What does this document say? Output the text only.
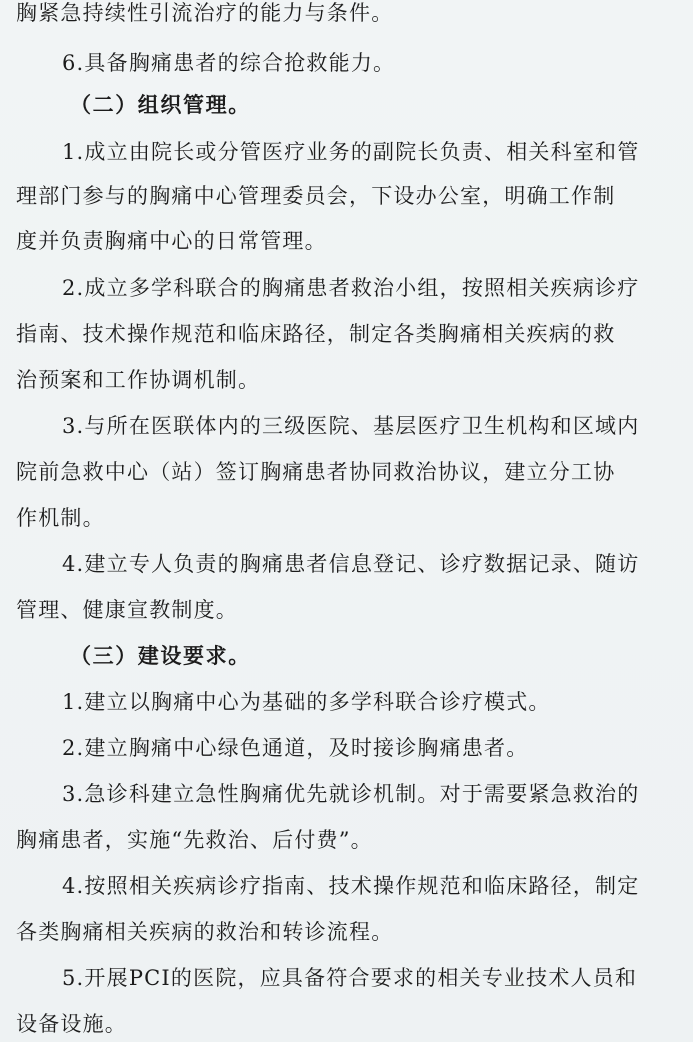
胸紧急持续性引流治疗的能力与条件。
6.具备胸痛患者的综合抢救能力。
（二）组织管理。
1.成立由院长或分管医疗业务的副院长负责、相关科室和管
理部门参与的胸痛中心管理委员会，下设办公室，明确工作制
度并负责胸痛中心的日常管理。
2.成立多学科联合的胸痛患者救治小组，按照相关疾病诊疗
指南、技术操作规范和临床路径，制定各类胸痛相关疾病的救
治预案和工作协调机制。
3.与所在医联体内的三级医院、基层医疗卫生机构和区域内
院前急救中心（站）签订胸痛患者协同救治协议，建立分工协
作机制。
4.建立专人负责的胸痛患者信息登记、诊疗数据记录、随访
管理、健康宣教制度。
（三）建设要求。
1.建立以胸痛中心为基础的多学科联合诊疗模式。
2.建立胸痛中心绿色通道，及时接诊胸痛患者。
3.急诊科建立急性胸痛优先就诊机制。对于需要紧急救治的
胸痛患者，实施“先救治、后付费”。
4.按照相关疾病诊疗指南、技术操作规范和临床路径，制定
各类胸痛相关疾病的救治和转诊流程。
5.开展PCI的医院，应具备符合要求的相关专业技术人员和
设备设施。
